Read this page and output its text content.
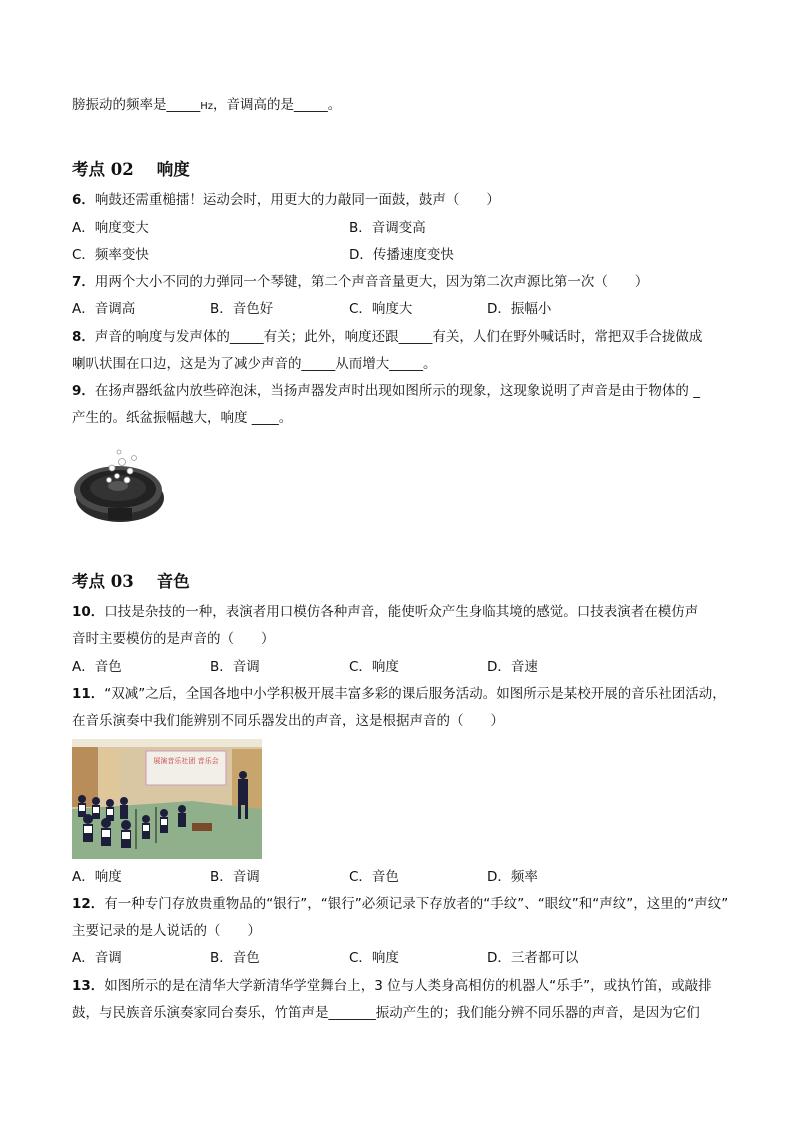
膀振动的频率是_____Hz，音调高的是_____。
考点 02 响度
6．响鼓还需重槌擂！运动会时，用更大的力敲同一面鼓，鼓声（　　）
A．响度变大	B．音调变高
C．频率变快	D．传播速度变快
7．用两个大小不同的力弹同一个琴键，第二个声音音量更大，因为第二次声源比第一次（　　）
A．音调高	B．音色好	C．响度大	D．振幅小
8．声音的响度与发声体的_____有关；此外，响度还跟_____有关，人们在野外喊话时，常把双手合拢做成
喇叭状围在口边，这是为了减少声音的_____从而增大_____。
9．在扬声器纸盆内放些碎泡沫，当扬声器发声时出现如图所示的现象，这现象说明了声音是由于物体的 _
产生的。纸盆振幅越大，响度 ____。
考点 03 音色
10．口技是杂技的一种，表演者用口模仿各种声音，能使听众产生身临其境的感觉。口技表演者在模仿声
音时主要模仿的是声音的（　　）
A．音色	B．音调	C．响度	D．音速
11．“双减”之后，全国各地中小学积极开展丰富多彩的课后服务活动。如图所示是某校开展的音乐社团活动，
在音乐演奏中我们能辨别不同乐器发出的声音，这是根据声音的（　　）
展演音乐社团 音乐会
A．响度	B．音调	C．音色	D．频率
12．有一种专门存放贵重物品的“银行”，“银行”必须记录下存放者的“手纹”、“眼纹”和“声纹”，这里的“声纹”
主要记录的是人说话的（　　）
A．音调	B．音色	C．响度	D．三者都可以
13．如图所示的是在清华大学新清华学堂舞台上，3 位与人类身高相仿的机器人“乐手”，或执竹笛，或敲排
鼓，与民族音乐演奏家同台奏乐，竹笛声是_______振动产生的；我们能分辨不同乐器的声音，是因为它们
